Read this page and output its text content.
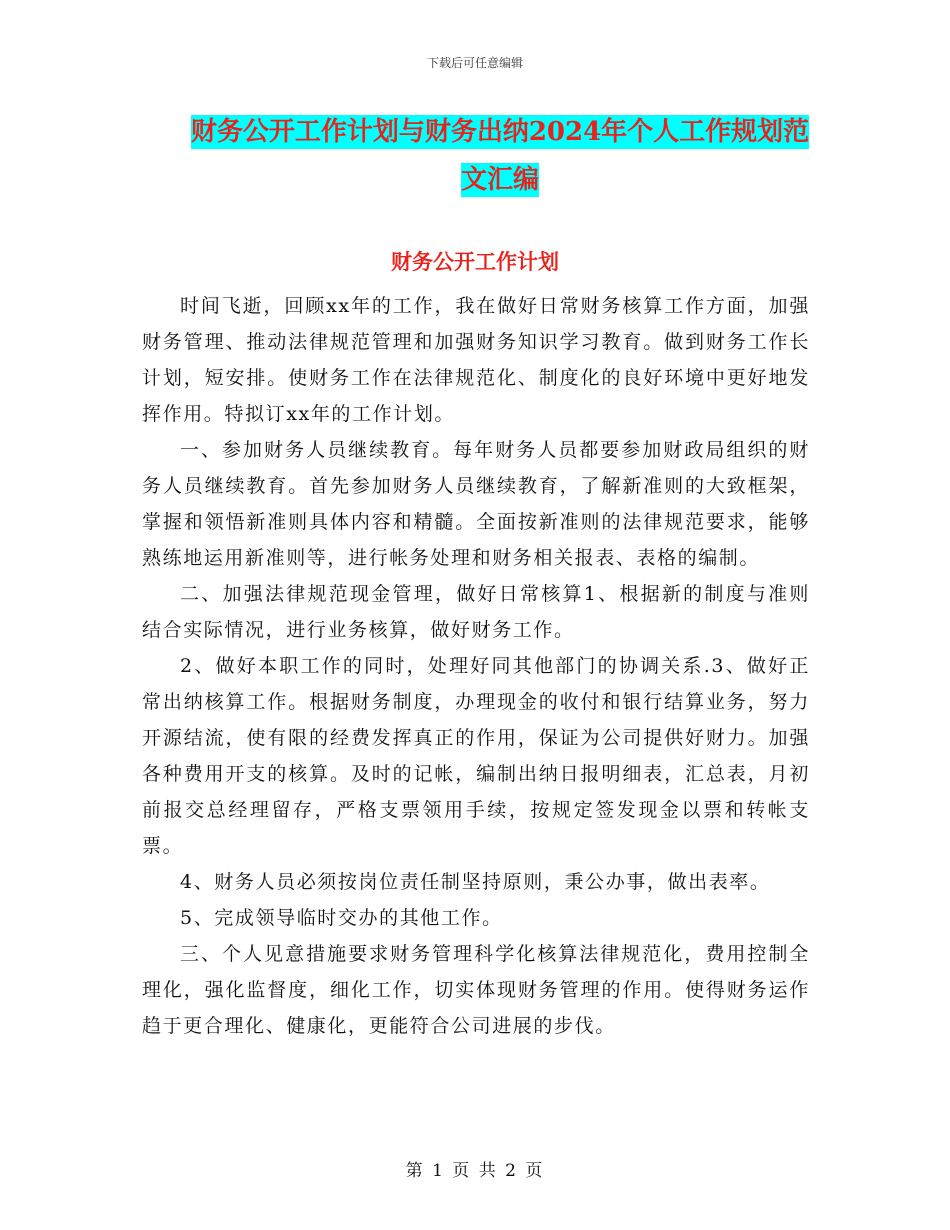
下载后可任意编辑
财务公开工作计划与财务出纳2024年个人工作规划范
文汇编
财务公开工作计划

时间飞逝，回顾xx年的工作，我在做好日常财务核算工作方面，加强财务管理、推动法律规范管理和加强财务知识学习教育。做到财务工作长计划，短安排。使财务工作在法律规范化、制度化的良好环境中更好地发挥作用。特拟订xx年的工作计划。

一、参加财务人员继续教育。每年财务人员都要参加财政局组织的财务人员继续教育。首先参加财务人员继续教育，了解新准则的大致框架，掌握和领悟新准则具体内容和精髓。全面按新准则的法律规范要求，能够熟练地运用新准则等，进行帐务处理和财务相关报表、表格的编制。

二、加强法律规范现金管理，做好日常核算1、根据新的制度与准则结合实际情况，进行业务核算，做好财务工作。

2、做好本职工作的同时，处理好同其他部门的协调关系.3、做好正常出纳核算工作。根据财务制度，办理现金的收付和银行结算业务，努力开源结流，使有限的经费发挥真正的作用，保证为公司提供好财力。加强各种费用开支的核算。及时的记帐，编制出纳日报明细表，汇总表，月初前报交总经理留存，严格支票领用手续，按规定签发现金以票和转帐支票。

4、财务人员必须按岗位责任制坚持原则，秉公办事，做出表率。

5、完成领导临时交办的其他工作。

三、个人见意措施要求财务管理科学化核算法律规范化，费用控制全理化，强化监督度，细化工作，切实体现财务管理的作用。使得财务运作趋于更合理化、健康化，更能符合公司进展的步伐。

第 1 页 共 2 页
